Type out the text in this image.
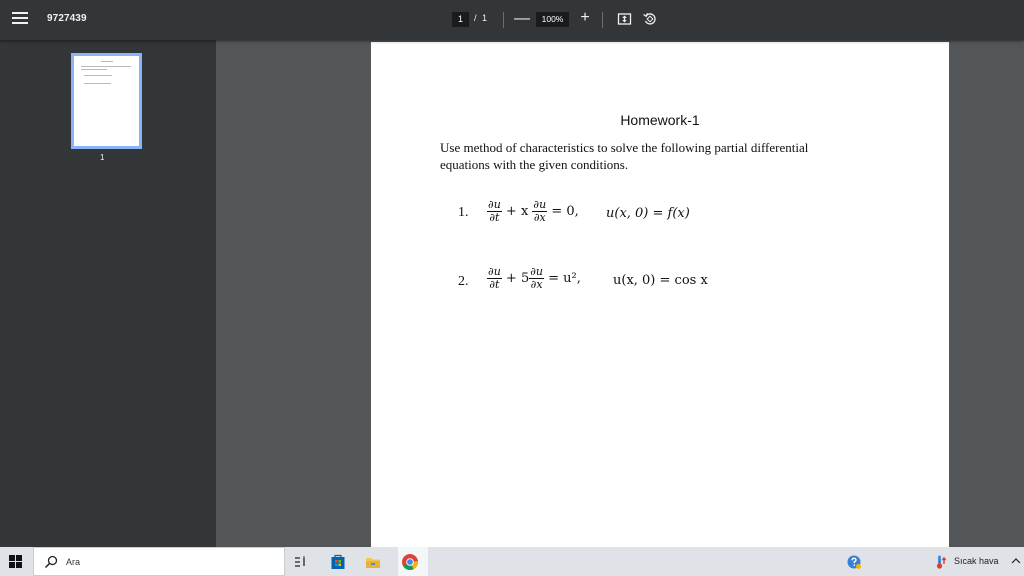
9727439	1	/ 1 —	100%	+
1
Homework-1
Use method of characteristics to solve the following partial differential equations with the given conditions.
1. $\frac{\partial u}{\partial t} + x \frac{\partial u}{\partial x} = 0$, u(x, 0) = f(x)
2. $\frac{\partial u}{\partial t} + 5 \frac{\partial u}{\partial x} = u^2$, u(x, 0) = cos x
Ara	Sıcak hava
